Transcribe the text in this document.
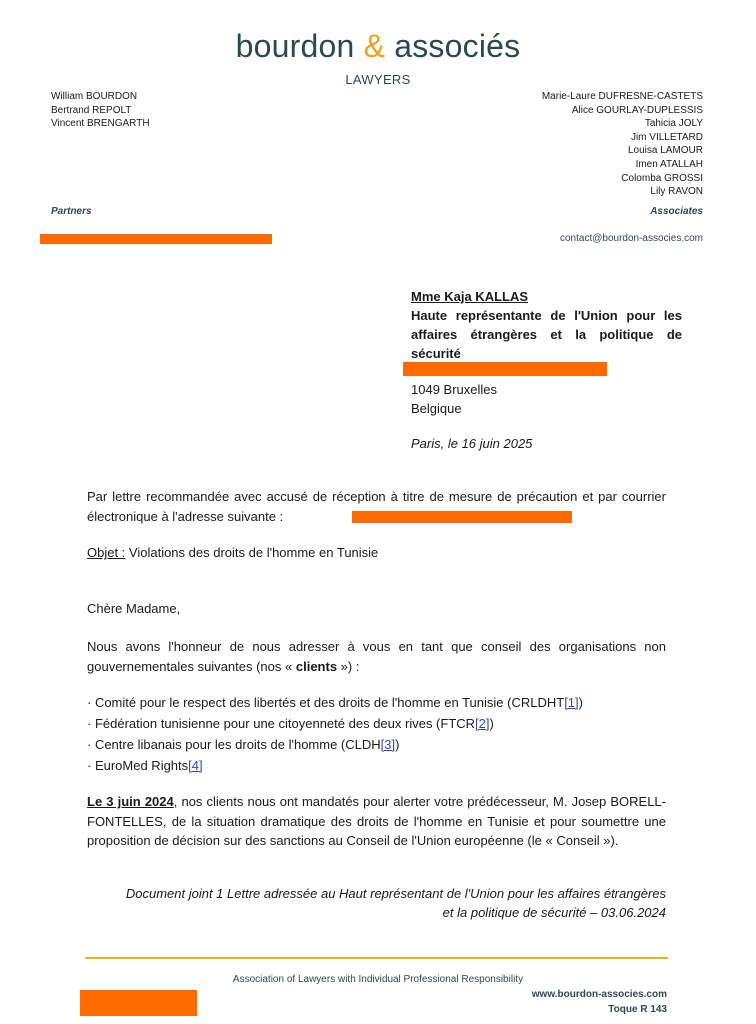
bourdon & associés
LAWYERS
William BOURDON
Bertrand REPOLT
Vincent BRENGARTH
Marie-Laure DUFRESNE-CASTETS
Alice GOURLAY-DUPLESSIS
Tahicia JOLY
Jim VILLETARD
Louisa LAMOUR
Imen ATALLAH
Colomba GROSSI
Lily RAVON
Partners	Associates
contact@bourdon-associes.com
Mme Kaja KALLAS
Haute représentante de l'Union pour les affaires étrangères et la politique de sécurité
1049 Bruxelles
Belgique
Paris, le 16 juin 2025
Par lettre recommandée avec accusé de réception à titre de mesure de précaution et par courrier électronique à l'adresse suivante :
Objet : Violations des droits de l'homme en Tunisie
Chère Madame,
Nous avons l'honneur de nous adresser à vous en tant que conseil des organisations non gouvernementales suivantes (nos « clients ») :
· Comité pour le respect des libertés et des droits de l'homme en Tunisie (CRLDHT[1])
· Fédération tunisienne pour une citoyenneté des deux rives (FTCR[2])
· Centre libanais pour les droits de l'homme (CLDH[3])
· EuroMed Rights[4]
Le 3 juin 2024, nos clients nous ont mandatés pour alerter votre prédécesseur, M. Josep BORELL-FONTELLES, de la situation dramatique des droits de l'homme en Tunisie et pour soumettre une proposition de décision sur des sanctions au Conseil de l'Union européenne (le « Conseil »).
Document joint 1 Lettre adressée au Haut représentant de l'Union pour les affaires étrangères
et la politique de sécurité – 03.06.2024
Association of Lawyers with Individual Professional Responsibility
www.bourdon-associes.com
Toque R 143
